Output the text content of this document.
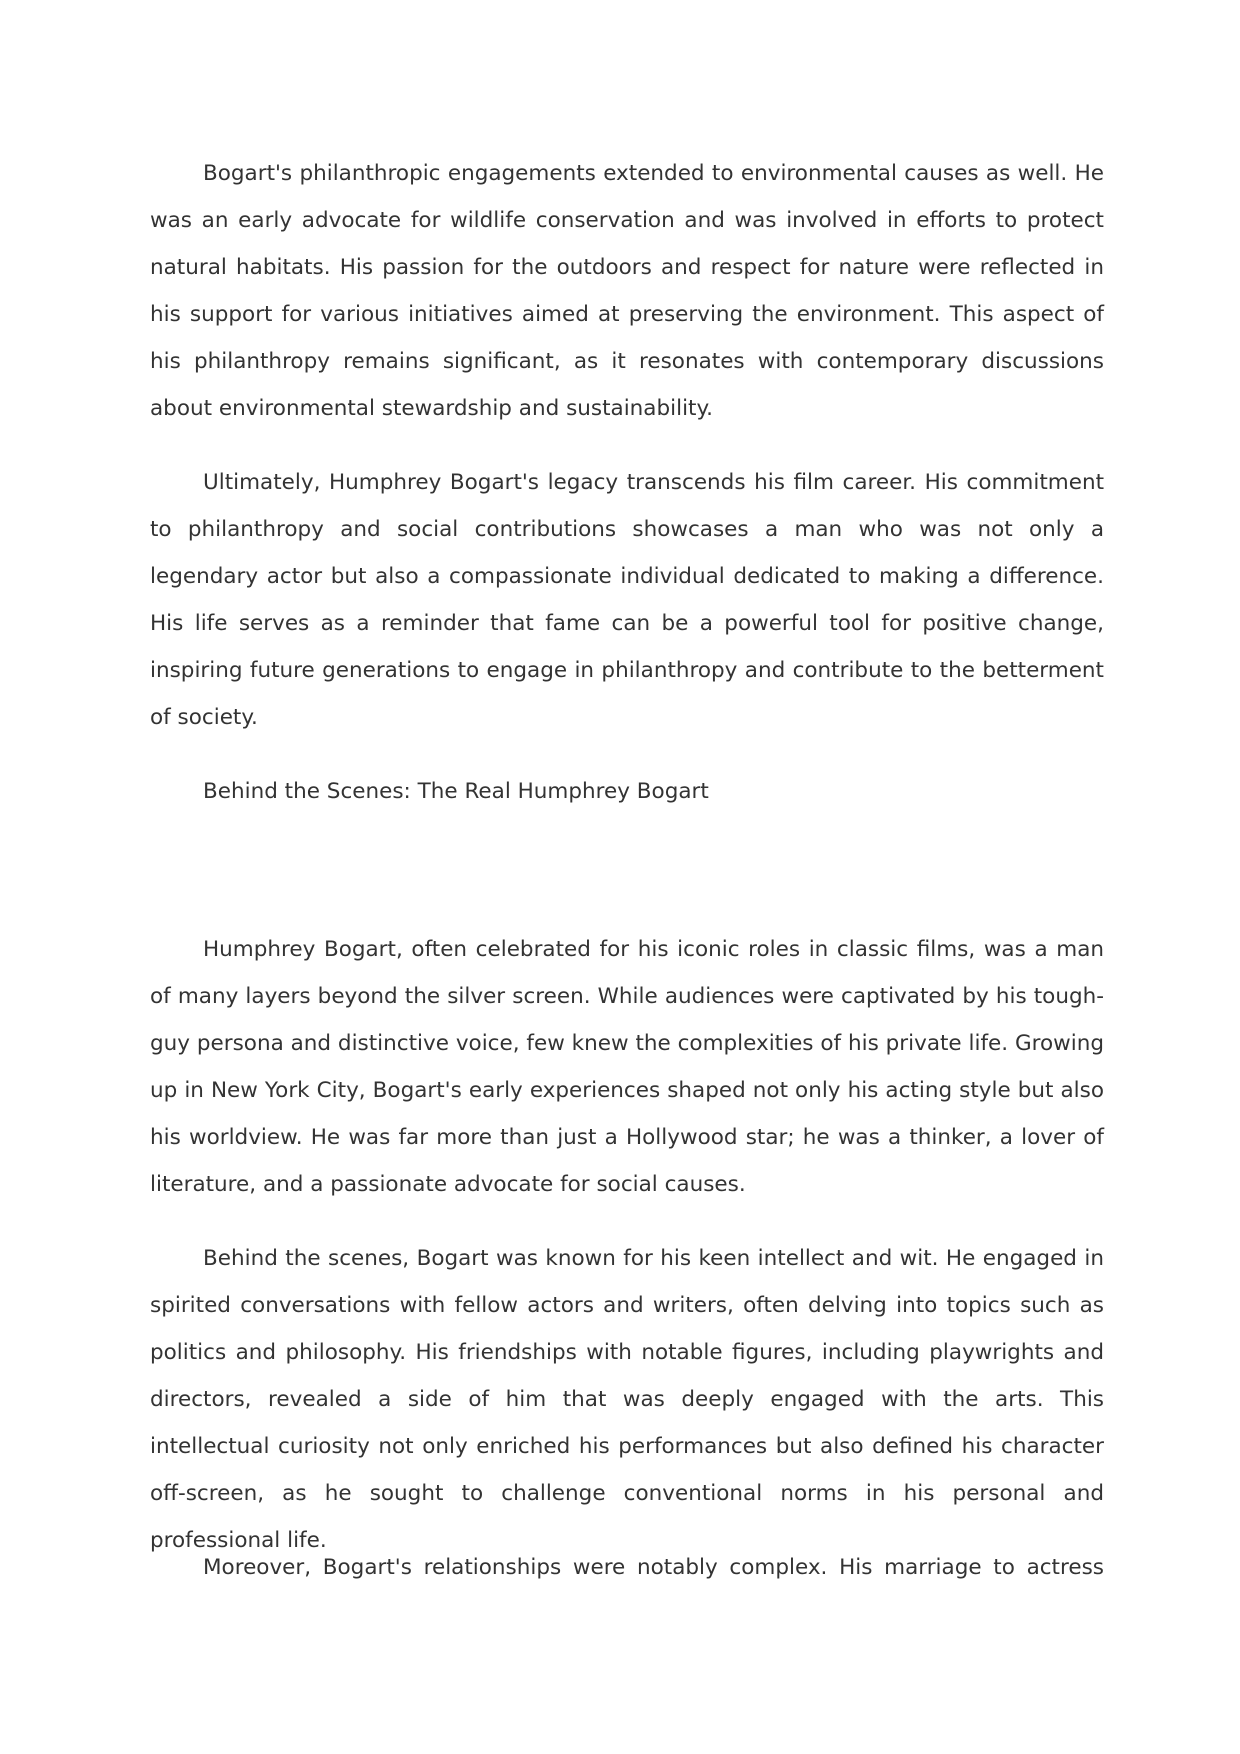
Bogart's philanthropic engagements extended to environmental causes as well. He was an early advocate for wildlife conservation and was involved in efforts to protect natural habitats. His passion for the outdoors and respect for nature were reflected in his support for various initiatives aimed at preserving the environment. This aspect of his philanthropy remains significant, as it resonates with contemporary discussions about environmental stewardship and sustainability.

Ultimately, Humphrey Bogart's legacy transcends his film career. His commitment to philanthropy and social contributions showcases a man who was not only a legendary actor but also a compassionate individual dedicated to making a difference. His life serves as a reminder that fame can be a powerful tool for positive change, inspiring future generations to engage in philanthropy and contribute to the betterment of society.

Behind the Scenes: The Real Humphrey Bogart

Humphrey Bogart, often celebrated for his iconic roles in classic films, was a man of many layers beyond the silver screen. While audiences were captivated by his tough-guy persona and distinctive voice, few knew the complexities of his private life. Growing up in New York City, Bogart's early experiences shaped not only his acting style but also his worldview. He was far more than just a Hollywood star; he was a thinker, a lover of literature, and a passionate advocate for social causes.

Behind the scenes, Bogart was known for his keen intellect and wit. He engaged in spirited conversations with fellow actors and writers, often delving into topics such as politics and philosophy. His friendships with notable figures, including playwrights and directors, revealed a side of him that was deeply engaged with the arts. This intellectual curiosity not only enriched his performances but also defined his character off-screen, as he sought to challenge conventional norms in his personal and professional life.

Moreover, Bogart's relationships were notably complex. His marriage to actress
